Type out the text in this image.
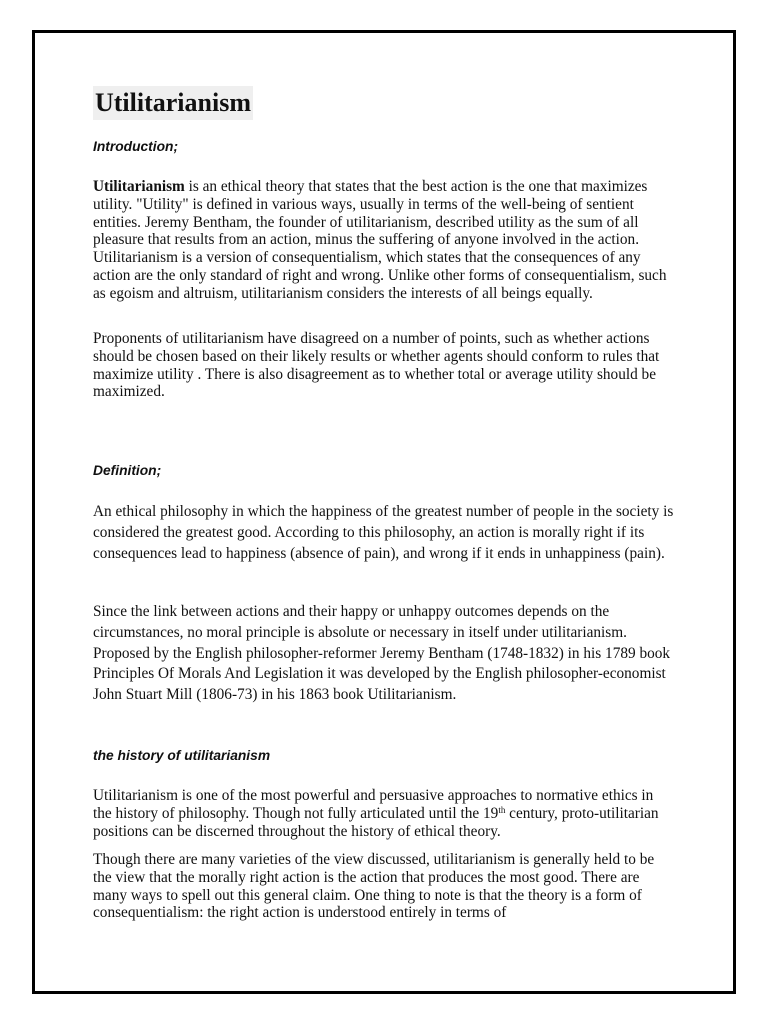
Utilitarianism
Introduction;

Utilitarianism is an ethical theory that states that the best action is the one that maximizes utility. "Utility" is defined in various ways, usually in terms of the well-being of sentient entities. Jeremy Bentham, the founder of utilitarianism, described utility as the sum of all pleasure that results from an action, minus the suffering of anyone involved in the action. Utilitarianism is a version of consequentialism, which states that the consequences of any action are the only standard of right and wrong. Unlike other forms of consequentialism, such as egoism and altruism, utilitarianism considers the interests of all beings equally.

Proponents of utilitarianism have disagreed on a number of points, such as whether actions should be chosen based on their likely results or whether agents should conform to rules that maximize utility . There is also disagreement as to whether total or average utility should be maximized.

Definition;

An ethical philosophy in which the happiness of the greatest number of people in the society is considered the greatest good. According to this philosophy, an action is morally right if its consequences lead to happiness (absence of pain), and wrong if it ends in unhappiness (pain).

Since the link between actions and their happy or unhappy outcomes depends on the circumstances, no moral principle is absolute or necessary in itself under utilitarianism. Proposed by the English philosopher-reformer Jeremy Bentham (1748-1832) in his 1789 book Principles Of Morals And Legislation it was developed by the English philosopher-economist John Stuart Mill (1806-73) in his 1863 book Utilitarianism.

the history of utilitarianism

Utilitarianism is one of the most powerful and persuasive approaches to normative ethics in the history of philosophy. Though not fully articulated until the 19th century, proto-utilitarian positions can be discerned throughout the history of ethical theory.

Though there are many varieties of the view discussed, utilitarianism is generally held to be the view that the morally right action is the action that produces the most good. There are many ways to spell out this general claim. One thing to note is that the theory is a form of consequentialism: the right action is understood entirely in terms of
